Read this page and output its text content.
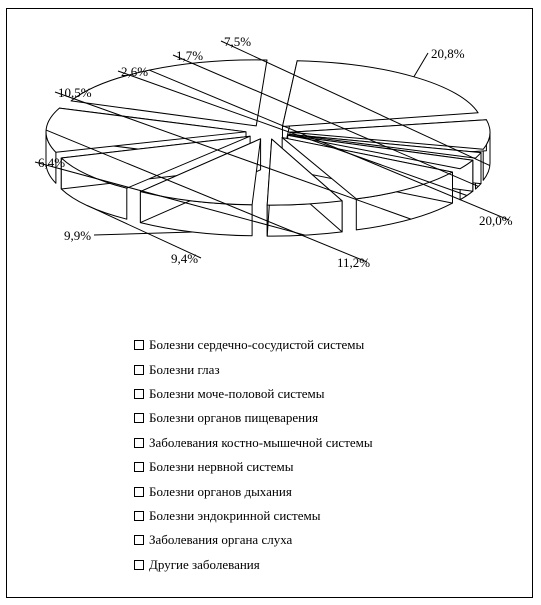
20,8%
20,0%
11,2%
9,4%
9,9%
6,4%
10,5%
2,6%
1,7%
7,5%
Болезни сердечно-сосудистой системы
Болезни глаз
Болезни моче-половой системы
Болезни органов пищеварения
Заболевания костно-мышечной системы
Болезни нервной системы
Болезни органов дыхания
Болезни эндокринной системы
Заболевания органа слуха
Другие заболевания
